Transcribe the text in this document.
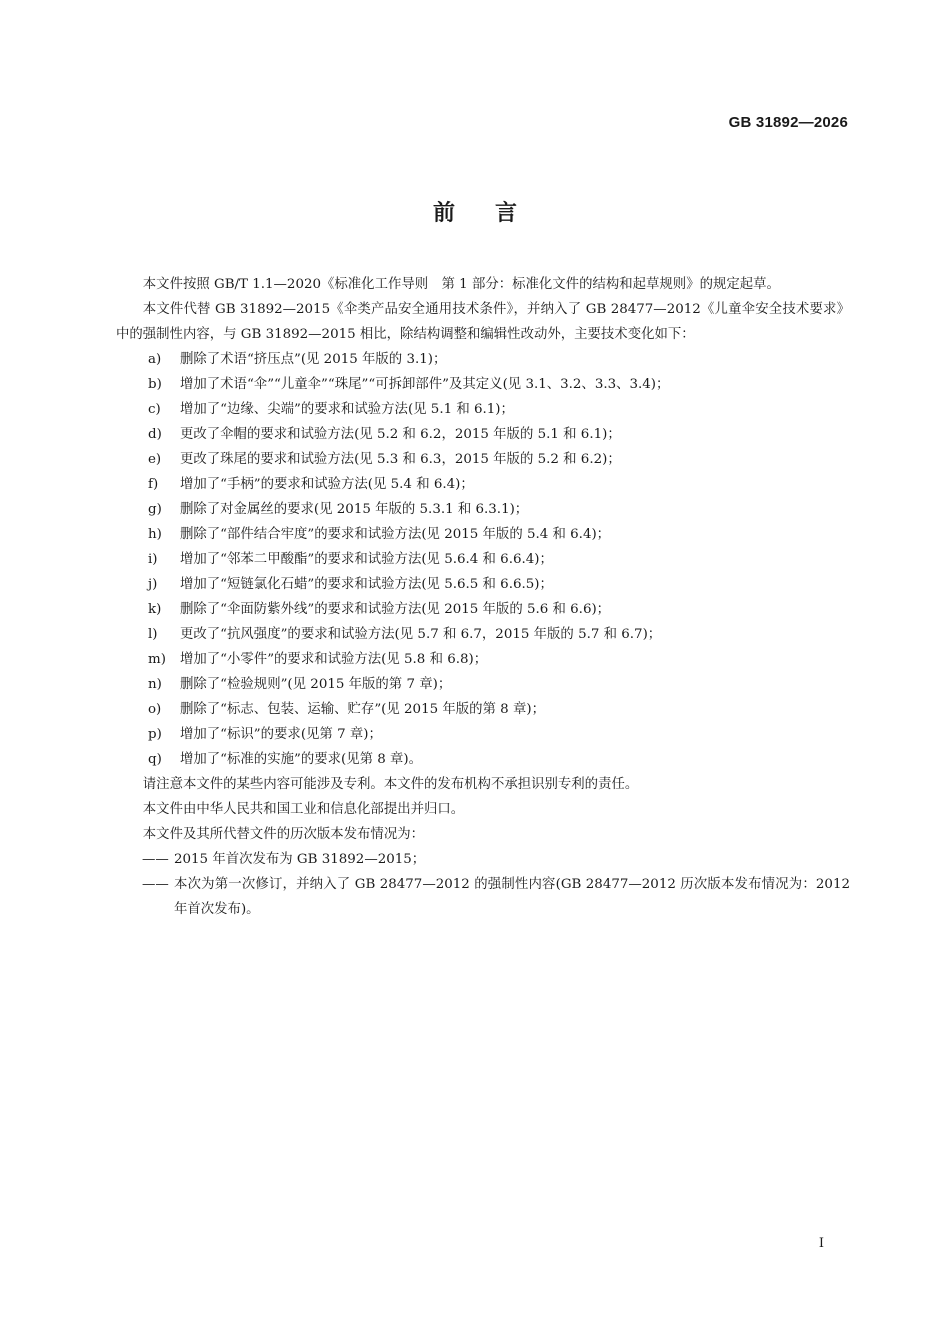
GB 31892—2026
前言

本文件按照 GB/T 1.1—2020《标准化工作导则　第 1 部分：标准化文件的结构和起草规则》的规定起草。

本文件代替 GB 31892—2015《伞类产品安全通用技术条件》，并纳入了 GB 28477—2012《儿童伞安全技术要求》中的强制性内容，与 GB 31892—2015 相比，除结构调整和编辑性改动外，主要技术变化如下：

a)	删除了术语“挤压点”(见 2015 年版的 3.1)；
b)	增加了术语“伞”“儿童伞”“珠尾”“可拆卸部件”及其定义(见 3.1、3.2、3.3、3.4)；
c)	增加了“边缘、尖端”的要求和试验方法(见 5.1 和 6.1)；
d)	更改了伞帽的要求和试验方法(见 5.2 和 6.2，2015 年版的 5.1 和 6.1)；
e)	更改了珠尾的要求和试验方法(见 5.3 和 6.3，2015 年版的 5.2 和 6.2)；
f)	增加了“手柄”的要求和试验方法(见 5.4 和 6.4)；
g)	删除了对金属丝的要求(见 2015 年版的 5.3.1 和 6.3.1)；
h)	删除了“部件结合牢度”的要求和试验方法(见 2015 年版的 5.4 和 6.4)；
i)	增加了“邻苯二甲酸酯”的要求和试验方法(见 5.6.4 和 6.6.4)；
j)	增加了“短链氯化石蜡”的要求和试验方法(见 5.6.5 和 6.6.5)；
k)	删除了“伞面防紫外线”的要求和试验方法(见 2015 年版的 5.6 和 6.6)；
l)	更改了“抗风强度”的要求和试验方法(见 5.7 和 6.7，2015 年版的 5.7 和 6.7)；
m)	增加了“小零件”的要求和试验方法(见 5.8 和 6.8)；
n)	删除了“检验规则”(见 2015 年版的第 7 章)；
o)	删除了“标志、包装、运输、贮存”(见 2015 年版的第 8 章)；
p)	增加了“标识”的要求(见第 7 章)；
q)	增加了“标准的实施”的要求(见第 8 章)。

请注意本文件的某些内容可能涉及专利。本文件的发布机构不承担识别专利的责任。

本文件由中华人民共和国工业和信息化部提出并归口。

本文件及其所代替文件的历次版本发布情况为：

—— 2015 年首次发布为 GB 31892—2015；
—— 本次为第一次修订，并纳入了 GB 28477—2012 的强制性内容(GB 28477—2012 历次版本发布情况为：2012 年首次发布)。
I
